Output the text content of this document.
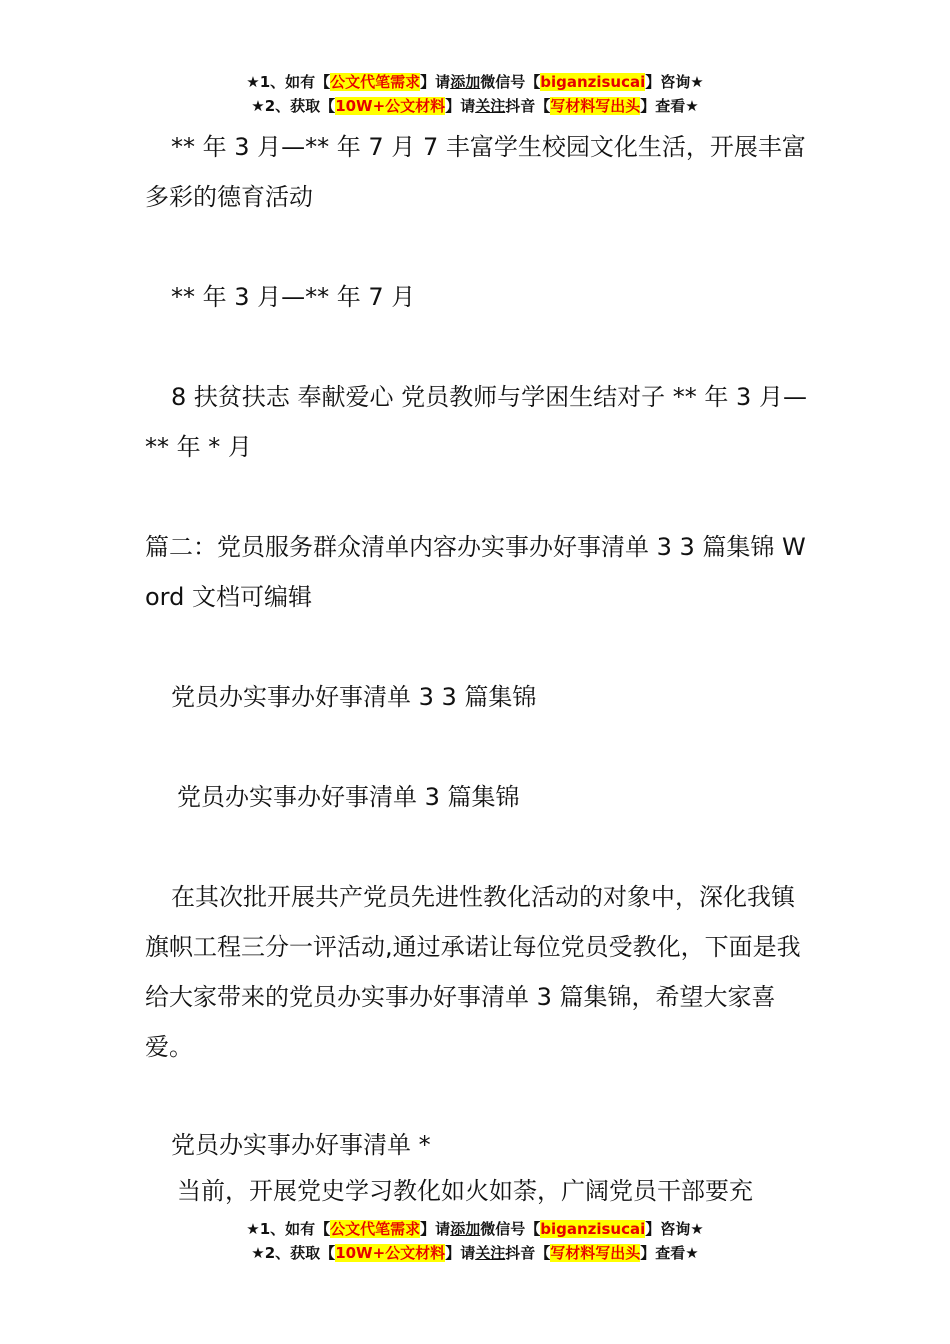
★1、如有【公文代笔需求】请添加微信号【biganzisucai】咨询★
★2、获取【10W+公文材料】请关注抖音【写材料写出头】查看★

** 年 3 月—** 年 7 月 7 丰富学生校园文化生活，开展丰富多彩的德育活动

** 年 3 月—** 年 7 月

8 扶贫扶志 奉献爱心 党员教师与学困生结对子 ** 年 3 月—** 年 * 月

篇二：党员服务群众清单内容办实事办好事清单 3 3 篇集锦 Word 文档可编辑

党员办实事办好事清单 3 3 篇集锦

党员办实事办好事清单 3 篇集锦

在其次批开展共产党员先进性教化活动的对象中，深化我镇旗帜工程三分一评活动,通过承诺让每位党员受教化，下面是我给大家带来的党员办实事办好事清单 3 篇集锦，希望大家喜爱。

党员办实事办好事清单 *

当前，开展党史学习教化如火如荼，广阔党员干部要充

★1、如有【公文代笔需求】请添加微信号【biganzisucai】咨询★
★2、获取【10W+公文材料】请关注抖音【写材料写出头】查看★
